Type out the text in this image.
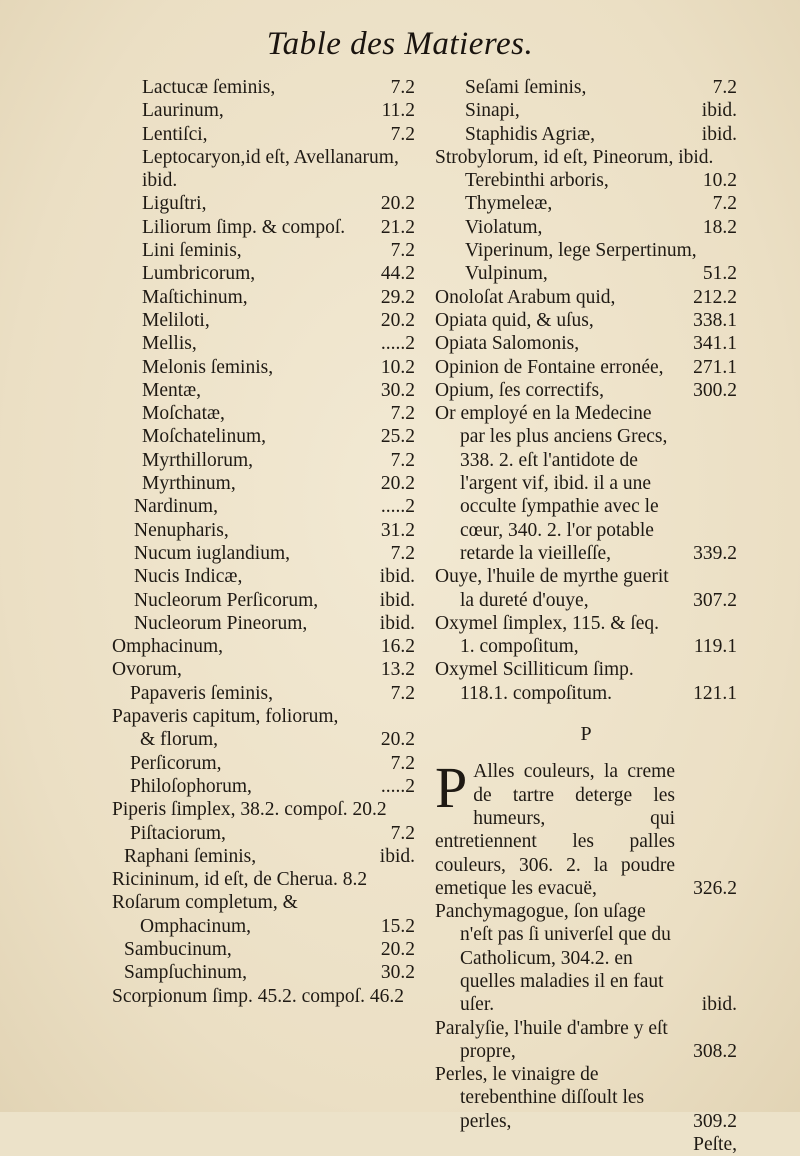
Table des Matieres.
Lactucæ ſeminis,	7.2
Laurinum,	11.2
Lentiſci,	7.2
Leptocaryon,id eſt, Avellanarum, ibid.
Liguſtri,	20.2
Liliorum ſimp. & compoſ. 21.2
Lini ſeminis,	7.2
Lumbricorum,	44.2
Maſtichinum,	29.2
Meliloti,	20.2
Mellis,	.....2
Melonis ſeminis,	10.2
Mentæ,	30.2
Moſchatæ,	7.2
Moſchatelinum,	25.2
Myrthillorum,	7.2
Myrthinum,	20.2
Nardinum,	.....2
Nenupharis,	31.2
Nucum iuglandium,	7.2
Nucis Indicæ,	ibid.
Nucleorum Perſicorum,	ibid.
Nucleorum Pineorum,	ibid.
Omphacinum,	16.2
Ovorum,	13.2
Papaveris ſeminis,	7.2
Papaveris capitum, foliorum, & florum,	20.2
Perſicorum,	7.2
Philoſophorum,	.....2
Piperis ſimplex, 38.2. compoſ. 20.2
Piſtaciorum,	7.2
Raphani ſeminis,	ibid.
Ricininum, id eſt, de Cherua. 8.2
Roſarum completum, & Omphacinum,	15.2
Sambucinum,	20.2
Sampſuchinum,	30.2
Scorpionum ſimp. 45.2. compoſ. 46.2
Seſami ſeminis,	7.2
Sinapi,	ibid.
Staphidis Agriæ,	ibid.
Strobylorum, id eſt, Pineorum, ibid.
Terebinthi arboris,	10.2
Thymeleæ,	7.2
Violatum,	18.2
Viperinum, lege Serpertinum,
Vulpinum,	51.2
Onoloſat Arabum quid,	212.2
Opiata quid, & uſus,	338.1
Opiata Salomonis,	341.1
Opinion de Fontaine erronée, 271.1
Opium, ſes correctifs,	300.2
Or employé en la Medecine par les plus anciens Grecs, 338. 2. eſt l'antidote de l'argent vif, ibid. il a une occulte ſympathie avec le cœur, 340. 2. l'or potable retarde la vieilleſſe,	339.2
Ouye, l'huile de myrthe guerit la dureté d'ouye,	307.2
Oxymel ſimplex, 115. & ſeq. 1. compoſitum,	119.1
Oxymel Scilliticum ſimp. 118.1. compoſitum.	121.1
P
P Alles couleurs, la creme de tartre deterge les humeurs, qui entretiennent les palles couleurs, 306. 2. la poudre emetique les evacuë,	326.2
Panchymagogue, ſon uſage n'eſt pas ſi univerſel que du Catholicum, 304.2. en quelles maladies il en faut uſer.	ibid.
Paralyſie, l'huile d'ambre y eſt propre,	308.2
Perles, le vinaigre de terebenthine diſſoult les perles,	309.2
Peſte,
